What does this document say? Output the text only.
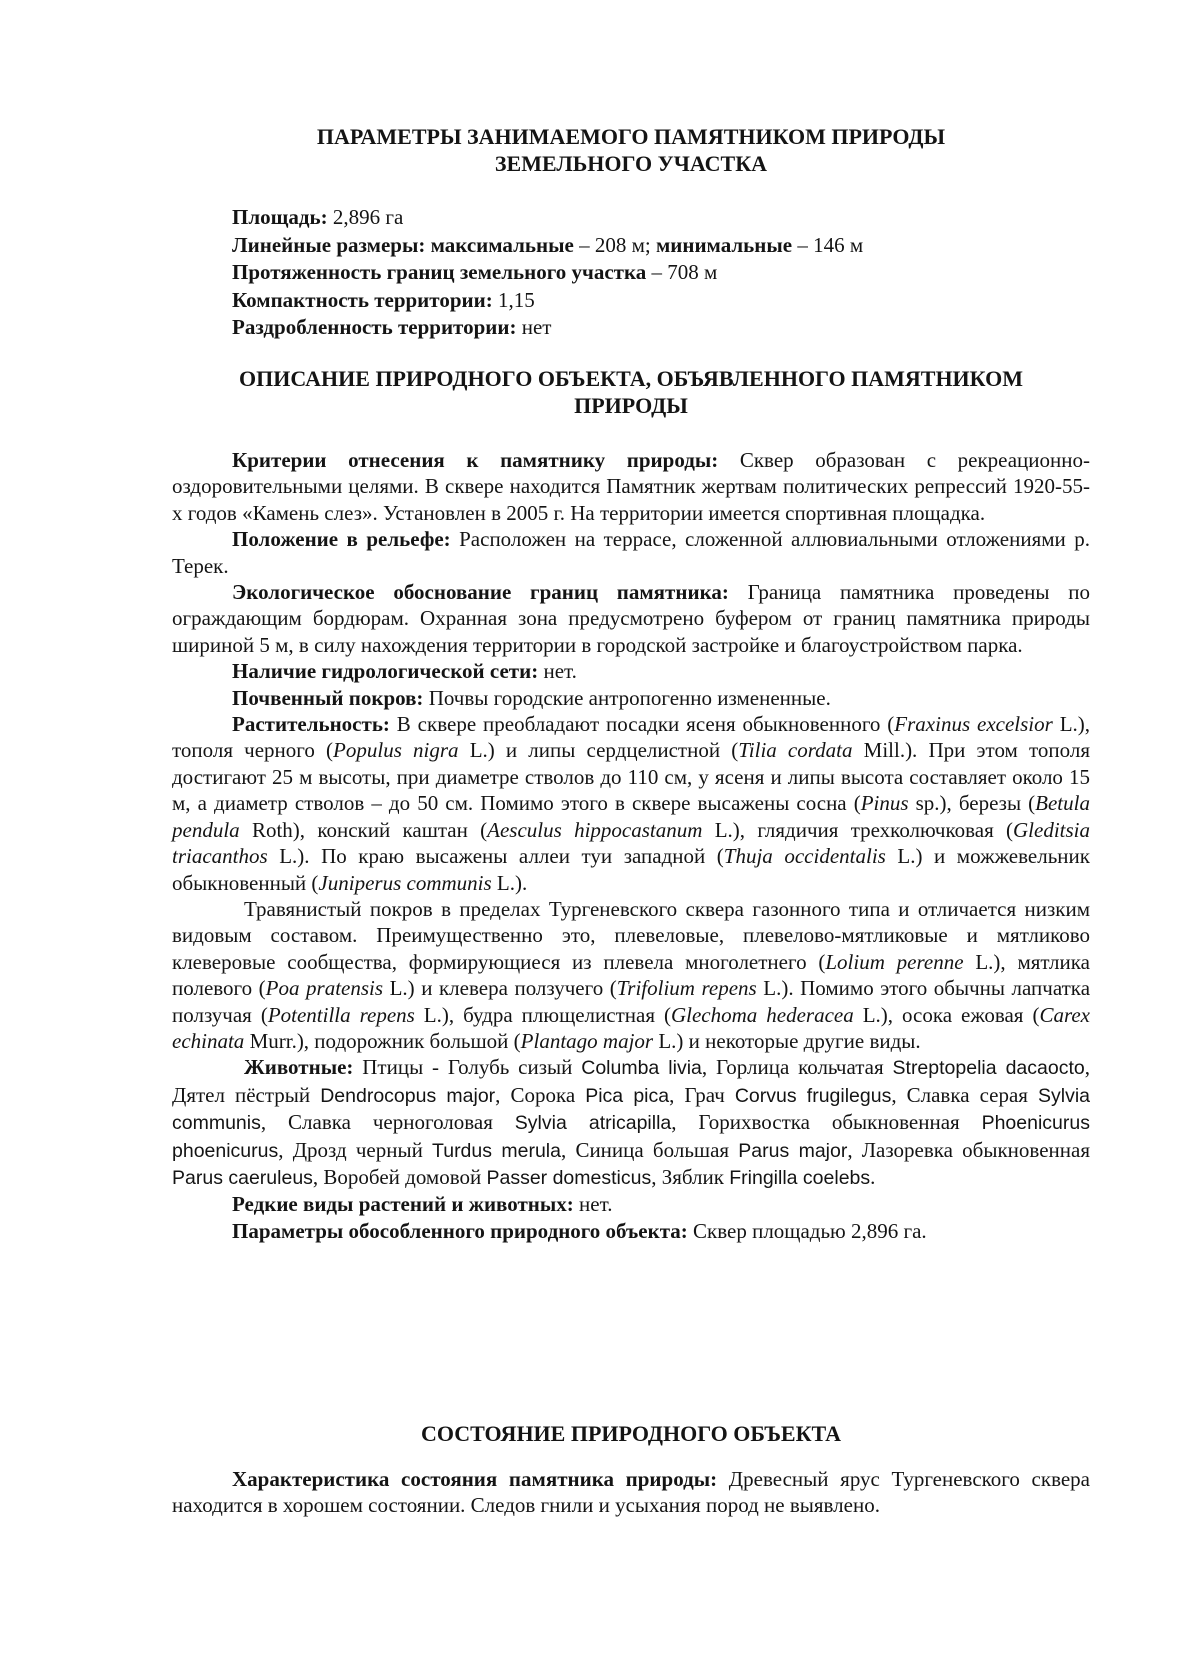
ПАРАМЕТРЫ ЗАНИМАЕМОГО ПАМЯТНИКОМ ПРИРОДЫ
ЗЕМЕЛЬНОГО УЧАСТКА
Площадь: 2,896 га
Линейные размеры: максимальные – 208 м; минимальные – 146 м
Протяженность границ земельного участка – 708 м
Компактность территории: 1,15
Раздробленность территории: нет
ОПИСАНИЕ ПРИРОДНОГО ОБЪЕКТА, ОБЪЯВЛЕННОГО ПАМЯТНИКОМ
ПРИРОДЫ

Критерии отнесения к памятнику природы: Сквер образован с рекреационно-оздоровительными целями. В сквере находится Памятник жертвам политических репрессий 1920-55-х годов «Камень слез». Установлен в 2005 г. На территории имеется спортивная площадка.

Положение в рельефе: Расположен на террасе, сложенной аллювиальными отложениями р. Терек.

Экологическое обоснование границ памятника: Граница памятника проведены по ограждающим бордюрам. Охранная зона предусмотрено буфером от границ памятника природы шириной 5 м, в силу нахождения территории в городской застройке и благоустройством парка.

Наличие гидрологической сети: нет.

Почвенный покров: Почвы городские антропогенно измененные.

Растительность: В сквере преобладают посадки ясеня обыкновенного (Fraxinus excelsior L.), тополя черного (Populus nigra L.) и липы сердцелистной (Tilia cordata Mill.). При этом тополя достигают 25 м высоты, при диаметре стволов до 110 см, у ясеня и липы высота составляет около 15 м, а диаметр стволов – до 50 см. Помимо этого в сквере высажены сосна (Pinus sp.), березы (Betula pendula Roth), конский каштан (Aesculus hippocastanum L.), глядичия трехколючковая (Gleditsia triacanthos L.). По краю высажены аллеи туи западной (Thuja occidentalis L.) и можжевельник обыкновенный (Juniperus communis L.).

Травянистый покров в пределах Тургеневского сквера газонного типа и отличается низким видовым составом. Преимущественно это, плевеловые, плевелово-мятликовые и мятликово клеверовые сообщества, формирующиеся из плевела многолетнего (Lolium perenne L.), мятлика полевого (Poa pratensis L.) и клевера ползучего (Trifolium repens L.). Помимо этого обычны лапчатка ползучая (Potentilla repens L.), будра плющелистная (Glechoma hederacea L.), осока ежовая (Carex echinata Murr.), подорожник большой (Plantago major L.) и некоторые другие виды.

Животные: Птицы - Голубь сизый Columba livia, Горлица кольчатая Streptopelia dacaocto, Дятел пёстрый Dendrocopus major, Сорока Pica pica, Грач Corvus frugilegus, Славка серая Sylvia communis, Славка черноголовая Sylvia atricapilla, Горихвостка обыкновенная Phoenicurus phoenicurus, Дрозд черный Turdus merula, Синица большая Parus major, Лазоревка обыкновенная Parus caeruleus, Воробей домовой Passer domesticus, Зяблик Fringilla coelebs.

Редкие виды растений и животных: нет.

Параметры обособленного природного объекта: Сквер площадью 2,896 га.

СОСТОЯНИЕ ПРИРОДНОГО ОБЪЕКТА

Характеристика состояния памятника природы: Древесный ярус Тургеневского сквера находится в хорошем состоянии. Следов гнили и усыхания пород не выявлено.
